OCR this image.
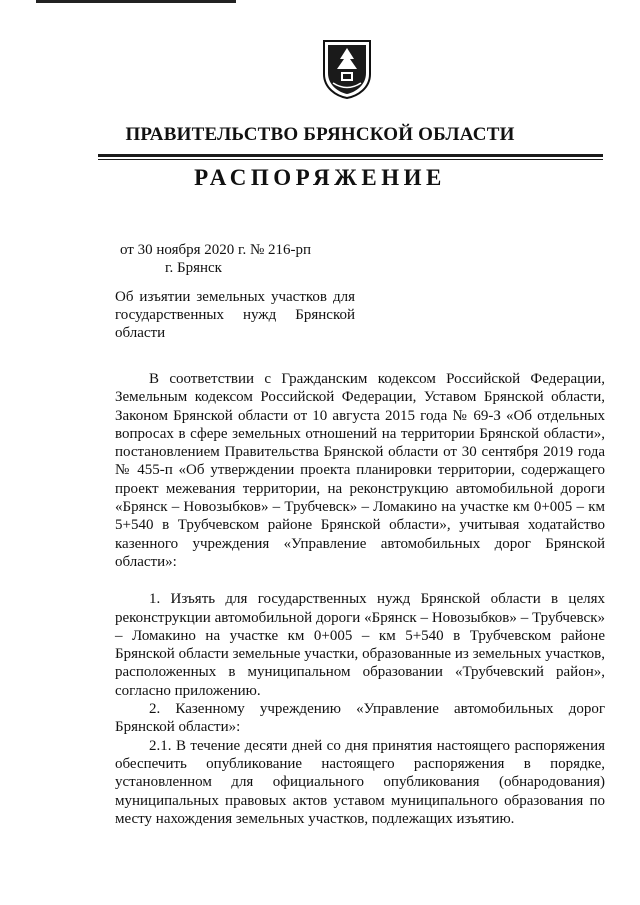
ПРАВИТЕЛЬСТВО БРЯНСКОЙ ОБЛАСТИ
РАСПОРЯЖЕНИЕ
от 30 ноября 2020 г. № 216-рп
г. Брянск
Об изъятии земельных участков для государственных нужд Брянской области

В соответствии с Гражданским кодексом Российской Федерации, Земельным кодексом Российской Федерации, Уставом Брянской области, Законом Брянской области от 10 августа 2015 года № 69-З «Об отдельных вопросах в сфере земельных отношений на территории Брянской области», постановлением Правительства Брянской области от 30 сентября 2019 года № 455-п «Об утверждении проекта планировки территории, содержащего проект межевания территории, на реконструкцию автомобильной дороги «Брянск – Новозыбков» – Трубчевск» – Ломакино на участке км 0+005 – км 5+540 в Трубчевском районе Брянской области», учитывая ходатайство казенного учреждения «Управление автомобильных дорог Брянской области»:

1. Изъять для государственных нужд Брянской области в целях реконструкции автомобильной дороги «Брянск – Новозыбков» – Трубчевск» – Ломакино на участке км 0+005 – км 5+540 в Трубчевском районе Брянской области земельные участки, образованные из земельных участков, расположенных в муниципальном образовании «Трубчевский район», согласно приложению.

2. Казенному учреждению «Управление автомобильных дорог Брянской области»:

2.1. В течение десяти дней со дня принятия настоящего распоряжения обеспечить опубликование настоящего распоряжения в порядке, установленном для официального опубликования (обнародования) муниципальных правовых актов уставом муниципального образования по месту нахождения земельных участков, подлежащих изъятию.
